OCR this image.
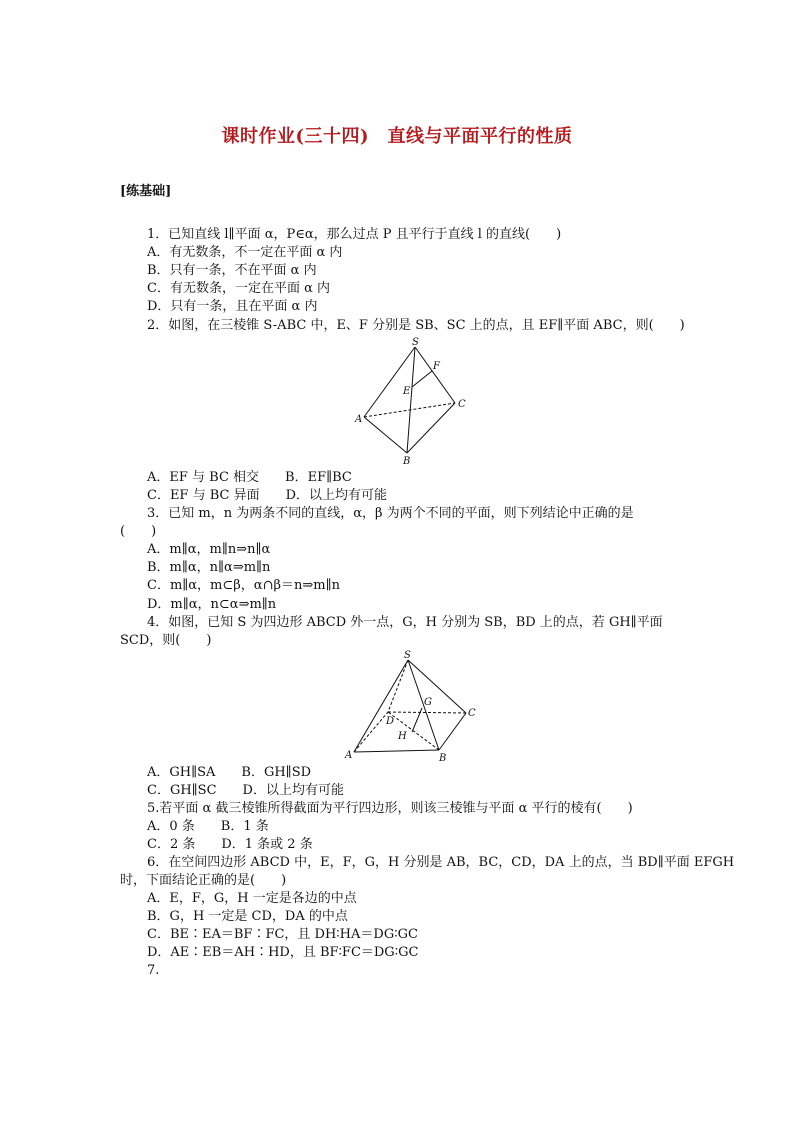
课时作业(三十四)　直线与平面平行的性质
[练基础]
1．已知直线 l∥平面 α，P∈α，那么过点 P 且平行于直线 l 的直线(　　)
A．有无数条，不一定在平面 α 内
B．只有一条，不在平面 α 内
C．有无数条，一定在平面 α 内
D．只有一条，且在平面 α 内
2．如图，在三棱锥 S-ABC 中，E、F 分别是 SB、SC 上的点，且 EF∥平面 ABC，则(　　)
S
F
E
A
C
B
A．EF 与 BC 相交　　B．EF∥BC
C．EF 与 BC 异面　　D．以上均有可能
3．已知 m，n 为两条不同的直线，α，β 为两个不同的平面，则下列结论中正确的是
(　　)
A．m∥α，m∥n⇒n∥α
B．m∥α，n∥α⇒m∥n
C．m∥α，m⊂β，α∩β＝n⇒m∥n
D．m∥α，n⊂α⇒m∥n
4．如图，已知 S 为四边形 ABCD 外一点，G，H 分别为 SB，BD 上的点，若 GH∥平面
SCD，则(　　)
S
G
C
D
H
A	B
A．GH∥SA　　B．GH∥SD
C．GH∥SC　　D．以上均有可能
5.若平面 α 截三棱锥所得截面为平行四边形，则该三棱锥与平面 α 平行的棱有(　　)
A．0 条　　B．1 条
C．2 条　　D．1 条或 2 条
6．在空间四边形 ABCD 中，E，F，G，H 分别是 AB，BC，CD，DA 上的点，当 BD∥平面 EFGH
时，下面结论正确的是(　　)
A．E，F，G，H 一定是各边的中点
B．G，H 一定是 CD，DA 的中点
C．BE∶EA＝BF∶FC，且 DH∶HA＝DG∶GC
D．AE∶EB＝AH∶HD，且 BF∶FC＝DG∶GC
7.
